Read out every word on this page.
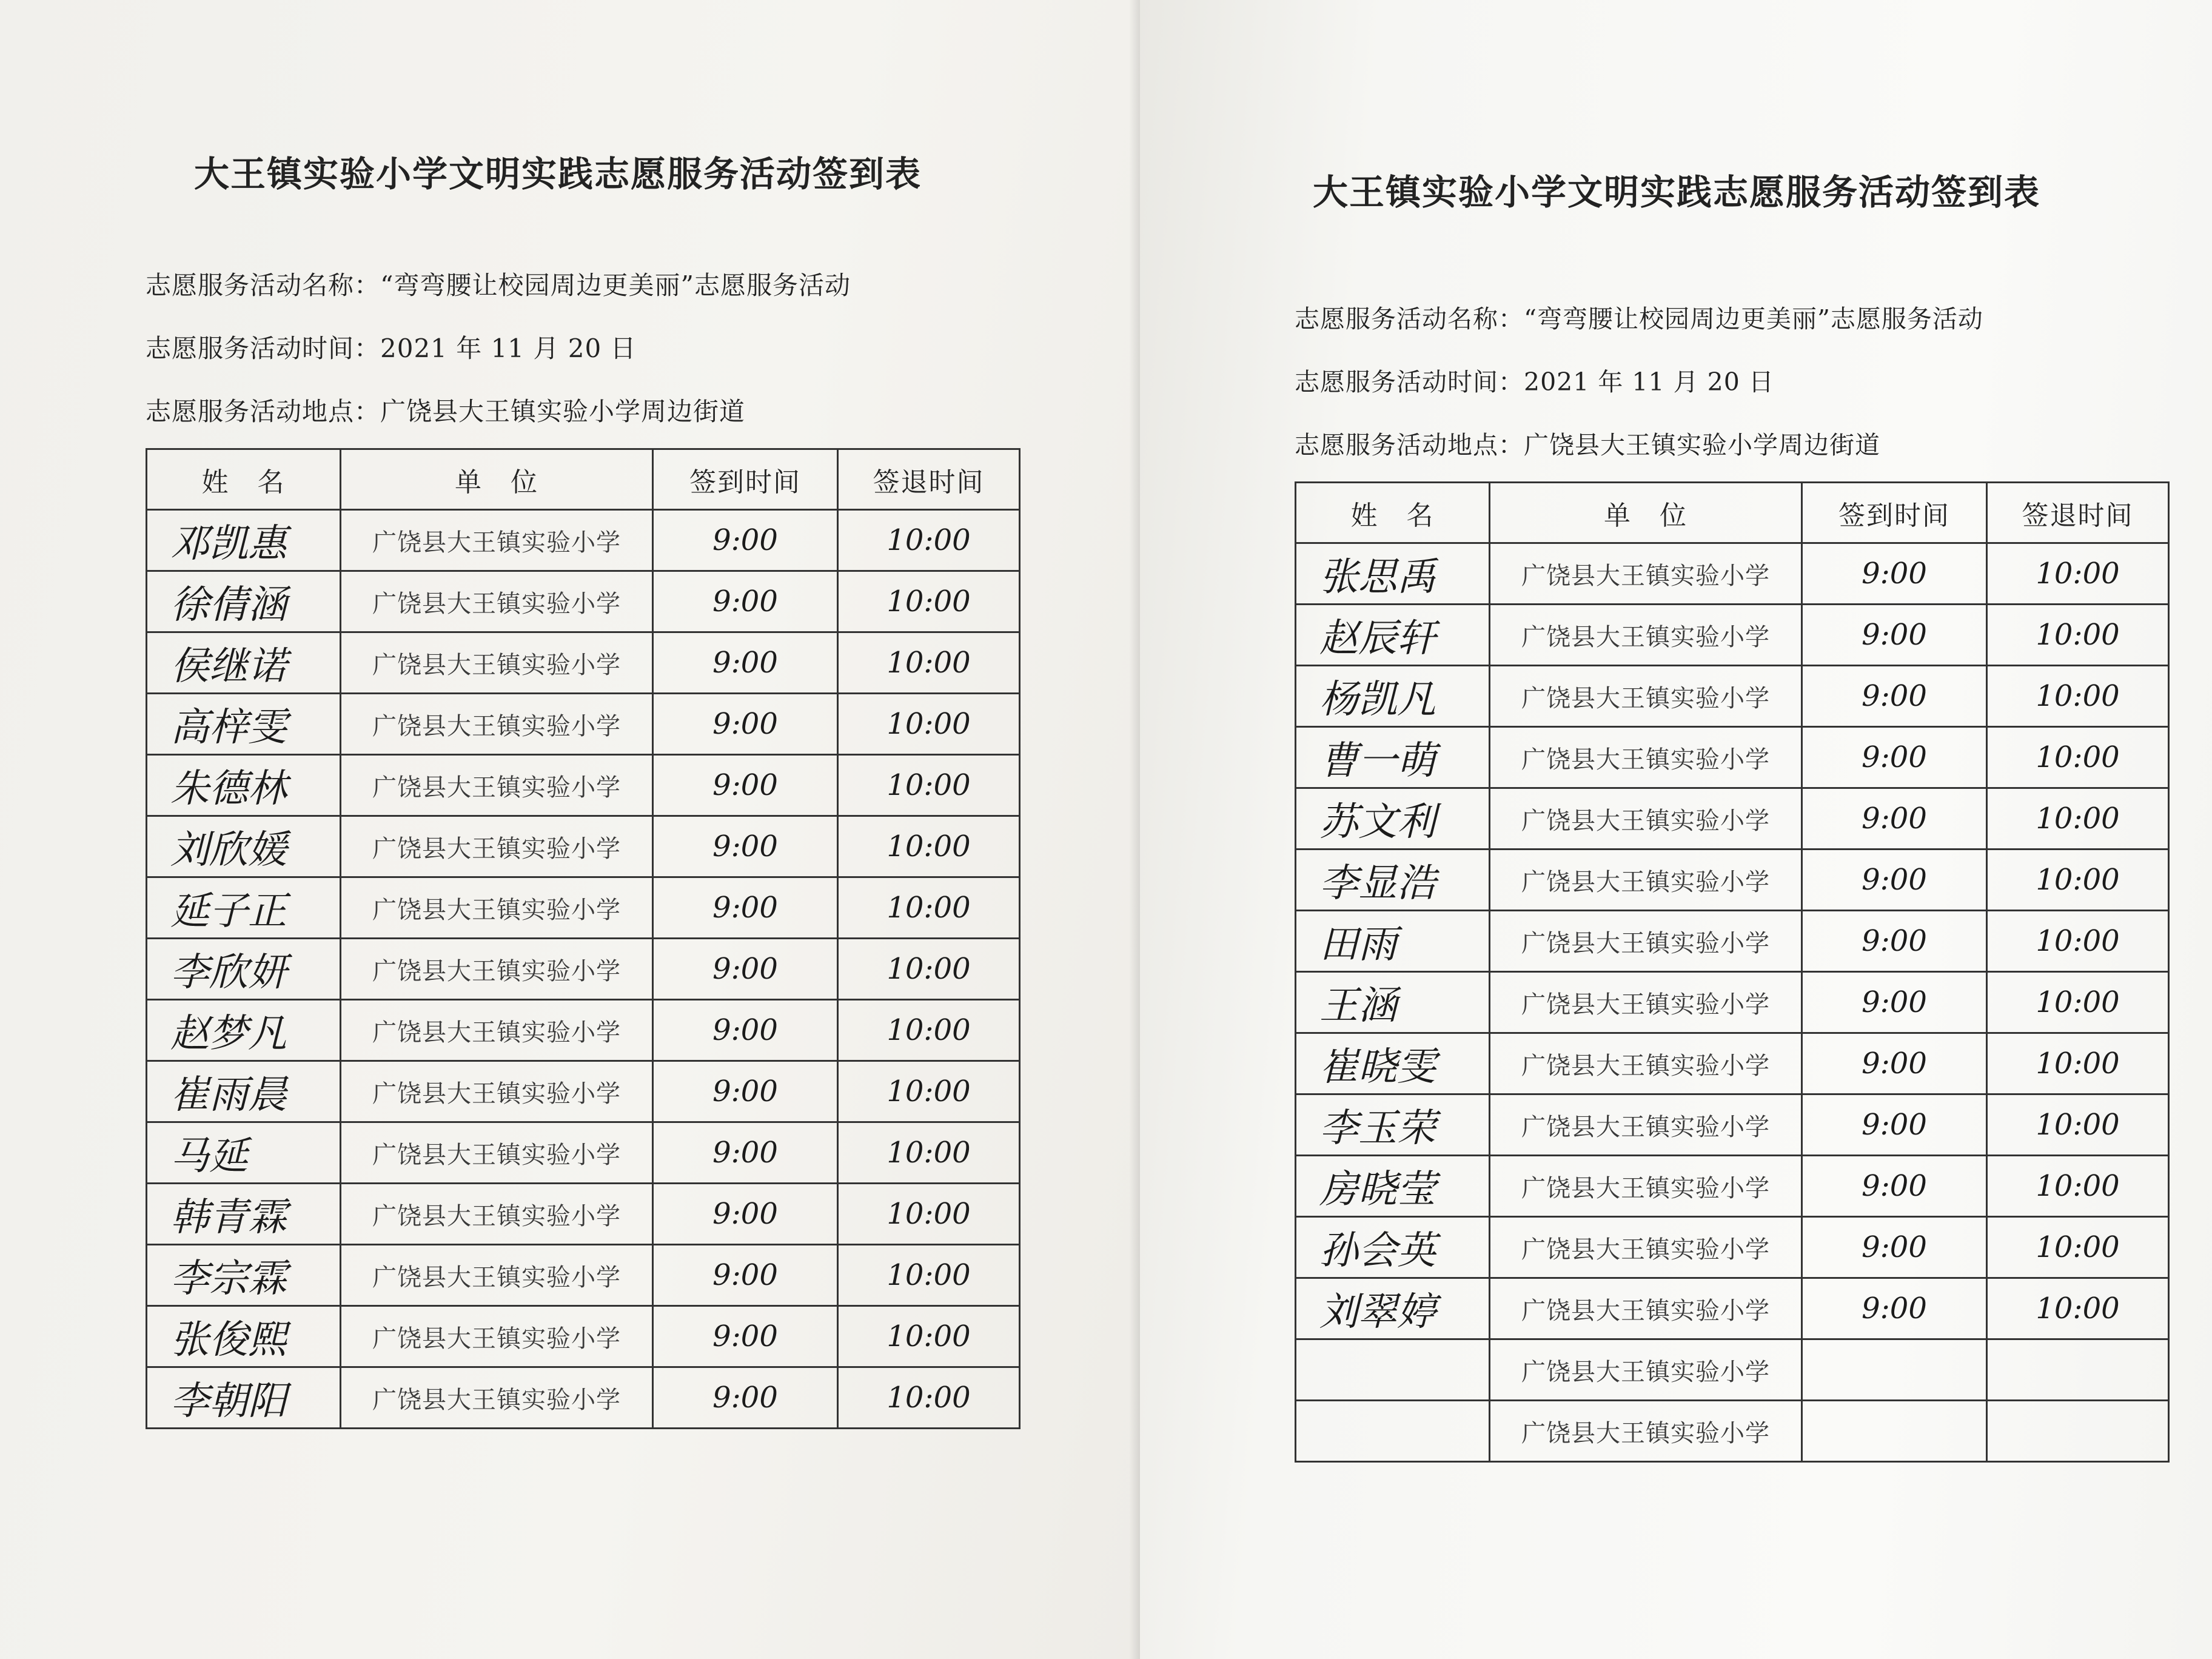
大王镇实验小学文明实践志愿服务活动签到表
志愿服务活动名称：“弯弯腰让校园周边更美丽”志愿服务活动
志愿服务活动时间：2021 年 11 月 20 日
志愿服务活动地点：广饶县大王镇实验小学周边街道
姓　名	单　位	签到时间	签退时间
邓凯惠	广饶县大王镇实验小学	9:00	10:00
徐倩涵	广饶县大王镇实验小学	9:00	10:00
侯继诺	广饶县大王镇实验小学	9:00	10:00
高梓雯	广饶县大王镇实验小学	9:00	10:00
朱德林	广饶县大王镇实验小学	9:00	10:00
刘欣媛	广饶县大王镇实验小学	9:00	10:00
延子正	广饶县大王镇实验小学	9:00	10:00
李欣妍	广饶县大王镇实验小学	9:00	10:00
赵梦凡	广饶县大王镇实验小学	9:00	10:00
崔雨晨	广饶县大王镇实验小学	9:00	10:00
马延	广饶县大王镇实验小学	9:00	10:00
韩青霖	广饶县大王镇实验小学	9:00	10:00
李宗霖	广饶县大王镇实验小学	9:00	10:00
张俊熙	广饶县大王镇实验小学	9:00	10:00
李朝阳	广饶县大王镇实验小学	9:00	10:00
大王镇实验小学文明实践志愿服务活动签到表
志愿服务活动名称：“弯弯腰让校园周边更美丽”志愿服务活动
志愿服务活动时间：2021 年 11 月 20 日
志愿服务活动地点：广饶县大王镇实验小学周边街道
姓　名	单　位	签到时间	签退时间
张思禹	广饶县大王镇实验小学	9:00	10:00
赵辰轩	广饶县大王镇实验小学	9:00	10:00
杨凯凡	广饶县大王镇实验小学	9:00	10:00
曹一萌	广饶县大王镇实验小学	9:00	10:00
苏文利	广饶县大王镇实验小学	9:00	10:00
李显浩	广饶县大王镇实验小学	9:00	10:00
田雨	广饶县大王镇实验小学	9:00	10:00
王涵	广饶县大王镇实验小学	9:00	10:00
崔晓雯	广饶县大王镇实验小学	9:00	10:00
李玉荣	广饶县大王镇实验小学	9:00	10:00
房晓莹	广饶县大王镇实验小学	9:00	10:00
孙会英	广饶县大王镇实验小学	9:00	10:00
刘翠婷	广饶县大王镇实验小学	9:00	10:00
	广饶县大王镇实验小学		
	广饶县大王镇实验小学		
